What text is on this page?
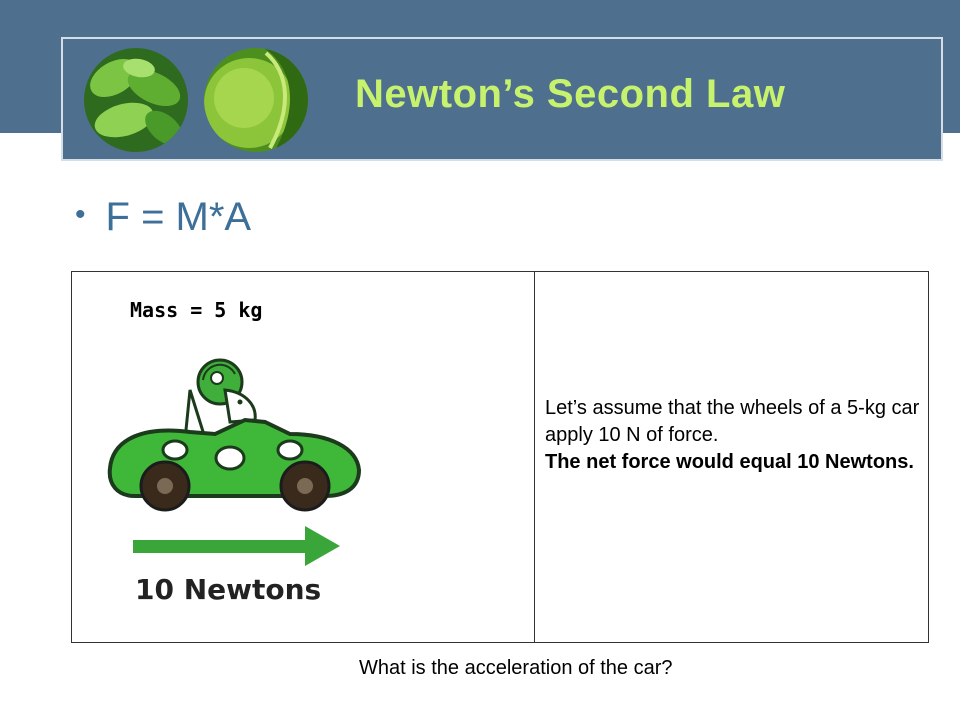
Newton’s Second Law
• F = M*A
Mass = 5 kg
10 Newtons
Let’s assume that the wheels of a 5-kg car apply 10 N of force.
The net force would equal 10 Newtons.
What is the acceleration of the car?
